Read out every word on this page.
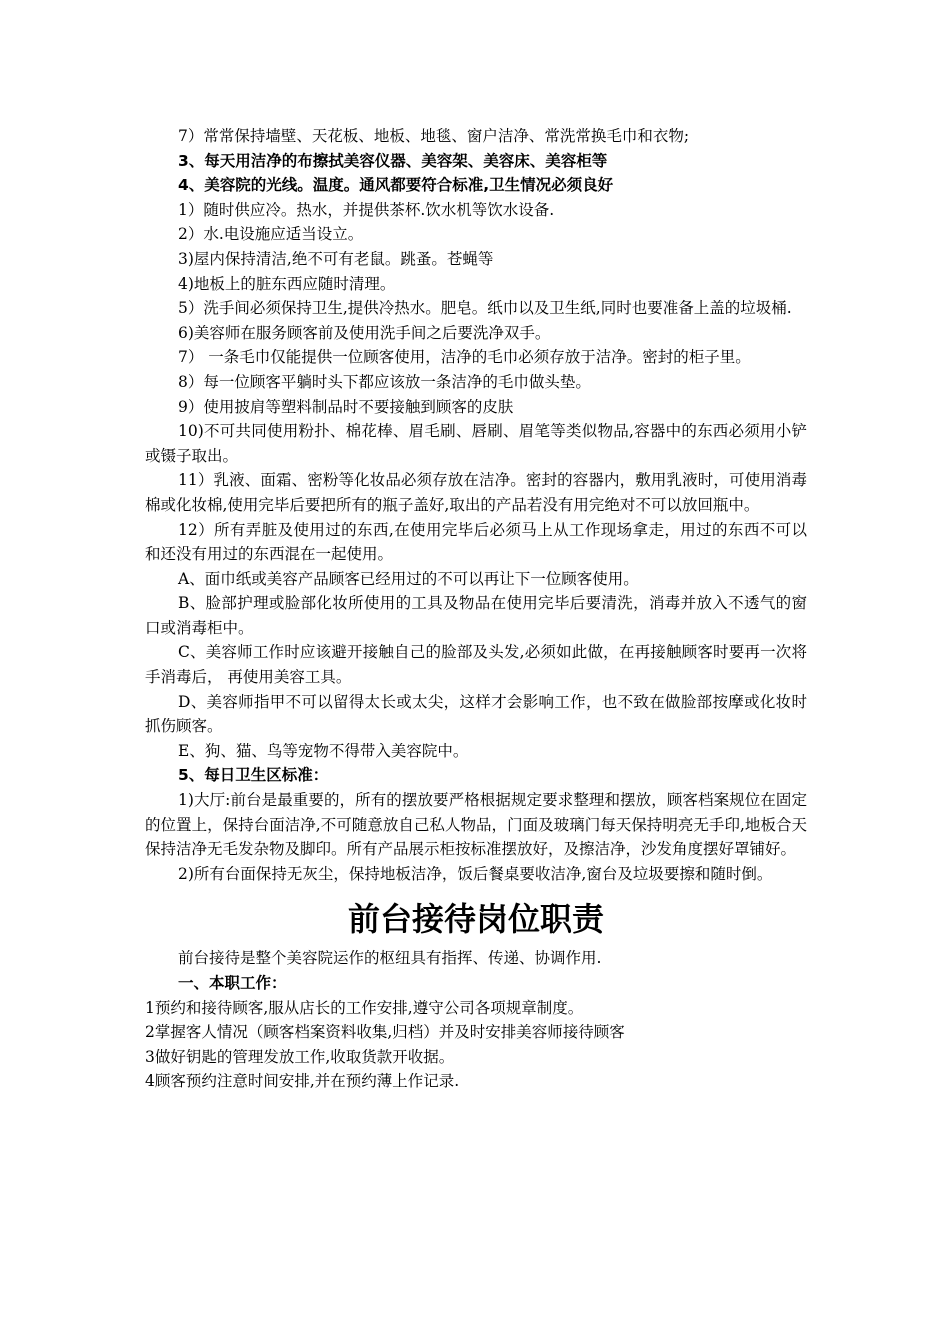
7）常常保持墙壁、天花板、地板、地毯、窗户洁净、常洗常换毛巾和衣物;

3、每天用洁净的布擦拭美容仪器、美容架、美容床、美容柜等

4、美容院的光线。温度。通风都要符合标准,卫生情况必须良好

1）随时供应冷。热水，并提供茶杯.饮水机等饮水设备.

2）水.电设施应适当设立。

3)屋内保持清洁,绝不可有老鼠。跳蚤。苍蝇等

4)地板上的脏东西应随时清理。

5）洗手间必须保持卫生,提供冷热水。肥皂。纸巾以及卫生纸,同时也要准备上盖的垃圾桶.

6)美容师在服务顾客前及使用洗手间之后要洗净双手。

7） 一条毛巾仅能提供一位顾客使用，洁净的毛巾必须存放于洁净。密封的柜子里。

8）每一位顾客平躺时头下都应该放一条洁净的毛巾做头垫。

9）使用披肩等塑料制品时不要接触到顾客的皮肤

10)不可共同使用粉扑、棉花棒、眉毛刷、唇刷、眉笔等类似物品,容器中的东西必须用小铲或镊子取出。

11）乳液、面霜、密粉等化妆品必须存放在洁净。密封的容器内，敷用乳液时，可使用消毒棉或化妆棉,使用完毕后要把所有的瓶子盖好,取出的产品若没有用完绝对不可以放回瓶中。

12）所有弄脏及使用过的东西,在使用完毕后必须马上从工作现场拿走，用过的东西不可以和还没有用过的东西混在一起使用。

A、面巾纸或美容产品顾客已经用过的不可以再让下一位顾客使用。

B、脸部护理或脸部化妆所使用的工具及物品在使用完毕后要清洗，消毒并放入不透气的窗口或消毒柜中。

C、美容师工作时应该避开接触自己的脸部及头发,必须如此做，在再接触顾客时要再一次将手消毒后， 再使用美容工具。

D、美容师指甲不可以留得太长或太尖，这样才会影响工作，也不致在做脸部按摩或化妆时抓伤顾客。

E、狗、猫、鸟等宠物不得带入美容院中。

5、每日卫生区标准：

1)大厅:前台是最重要的，所有的摆放要严格根据规定要求整理和摆放，顾客档案规位在固定的位置上，保持台面洁净,不可随意放自己私人物品，门面及玻璃门每天保持明亮无手印,地板合天保持洁净无毛发杂物及脚印。所有产品展示柜按标准摆放好，及擦洁净，沙发角度摆好罩铺好。

2)所有台面保持无灰尘，保持地板洁净，饭后餐桌要收洁净,窗台及垃圾要擦和随时倒。

前台接待岗位职责

前台接待是整个美容院运作的枢纽具有指挥、传递、协调作用.

一、本职工作：

1预约和接待顾客,服从店长的工作安排,遵守公司各项规章制度。

2掌握客人情况（顾客档案资料收集,归档）并及时安排美容师接待顾客

3做好钥匙的管理发放工作,收取货款开收据。

4顾客预约注意时间安排,并在预约薄上作记录.
